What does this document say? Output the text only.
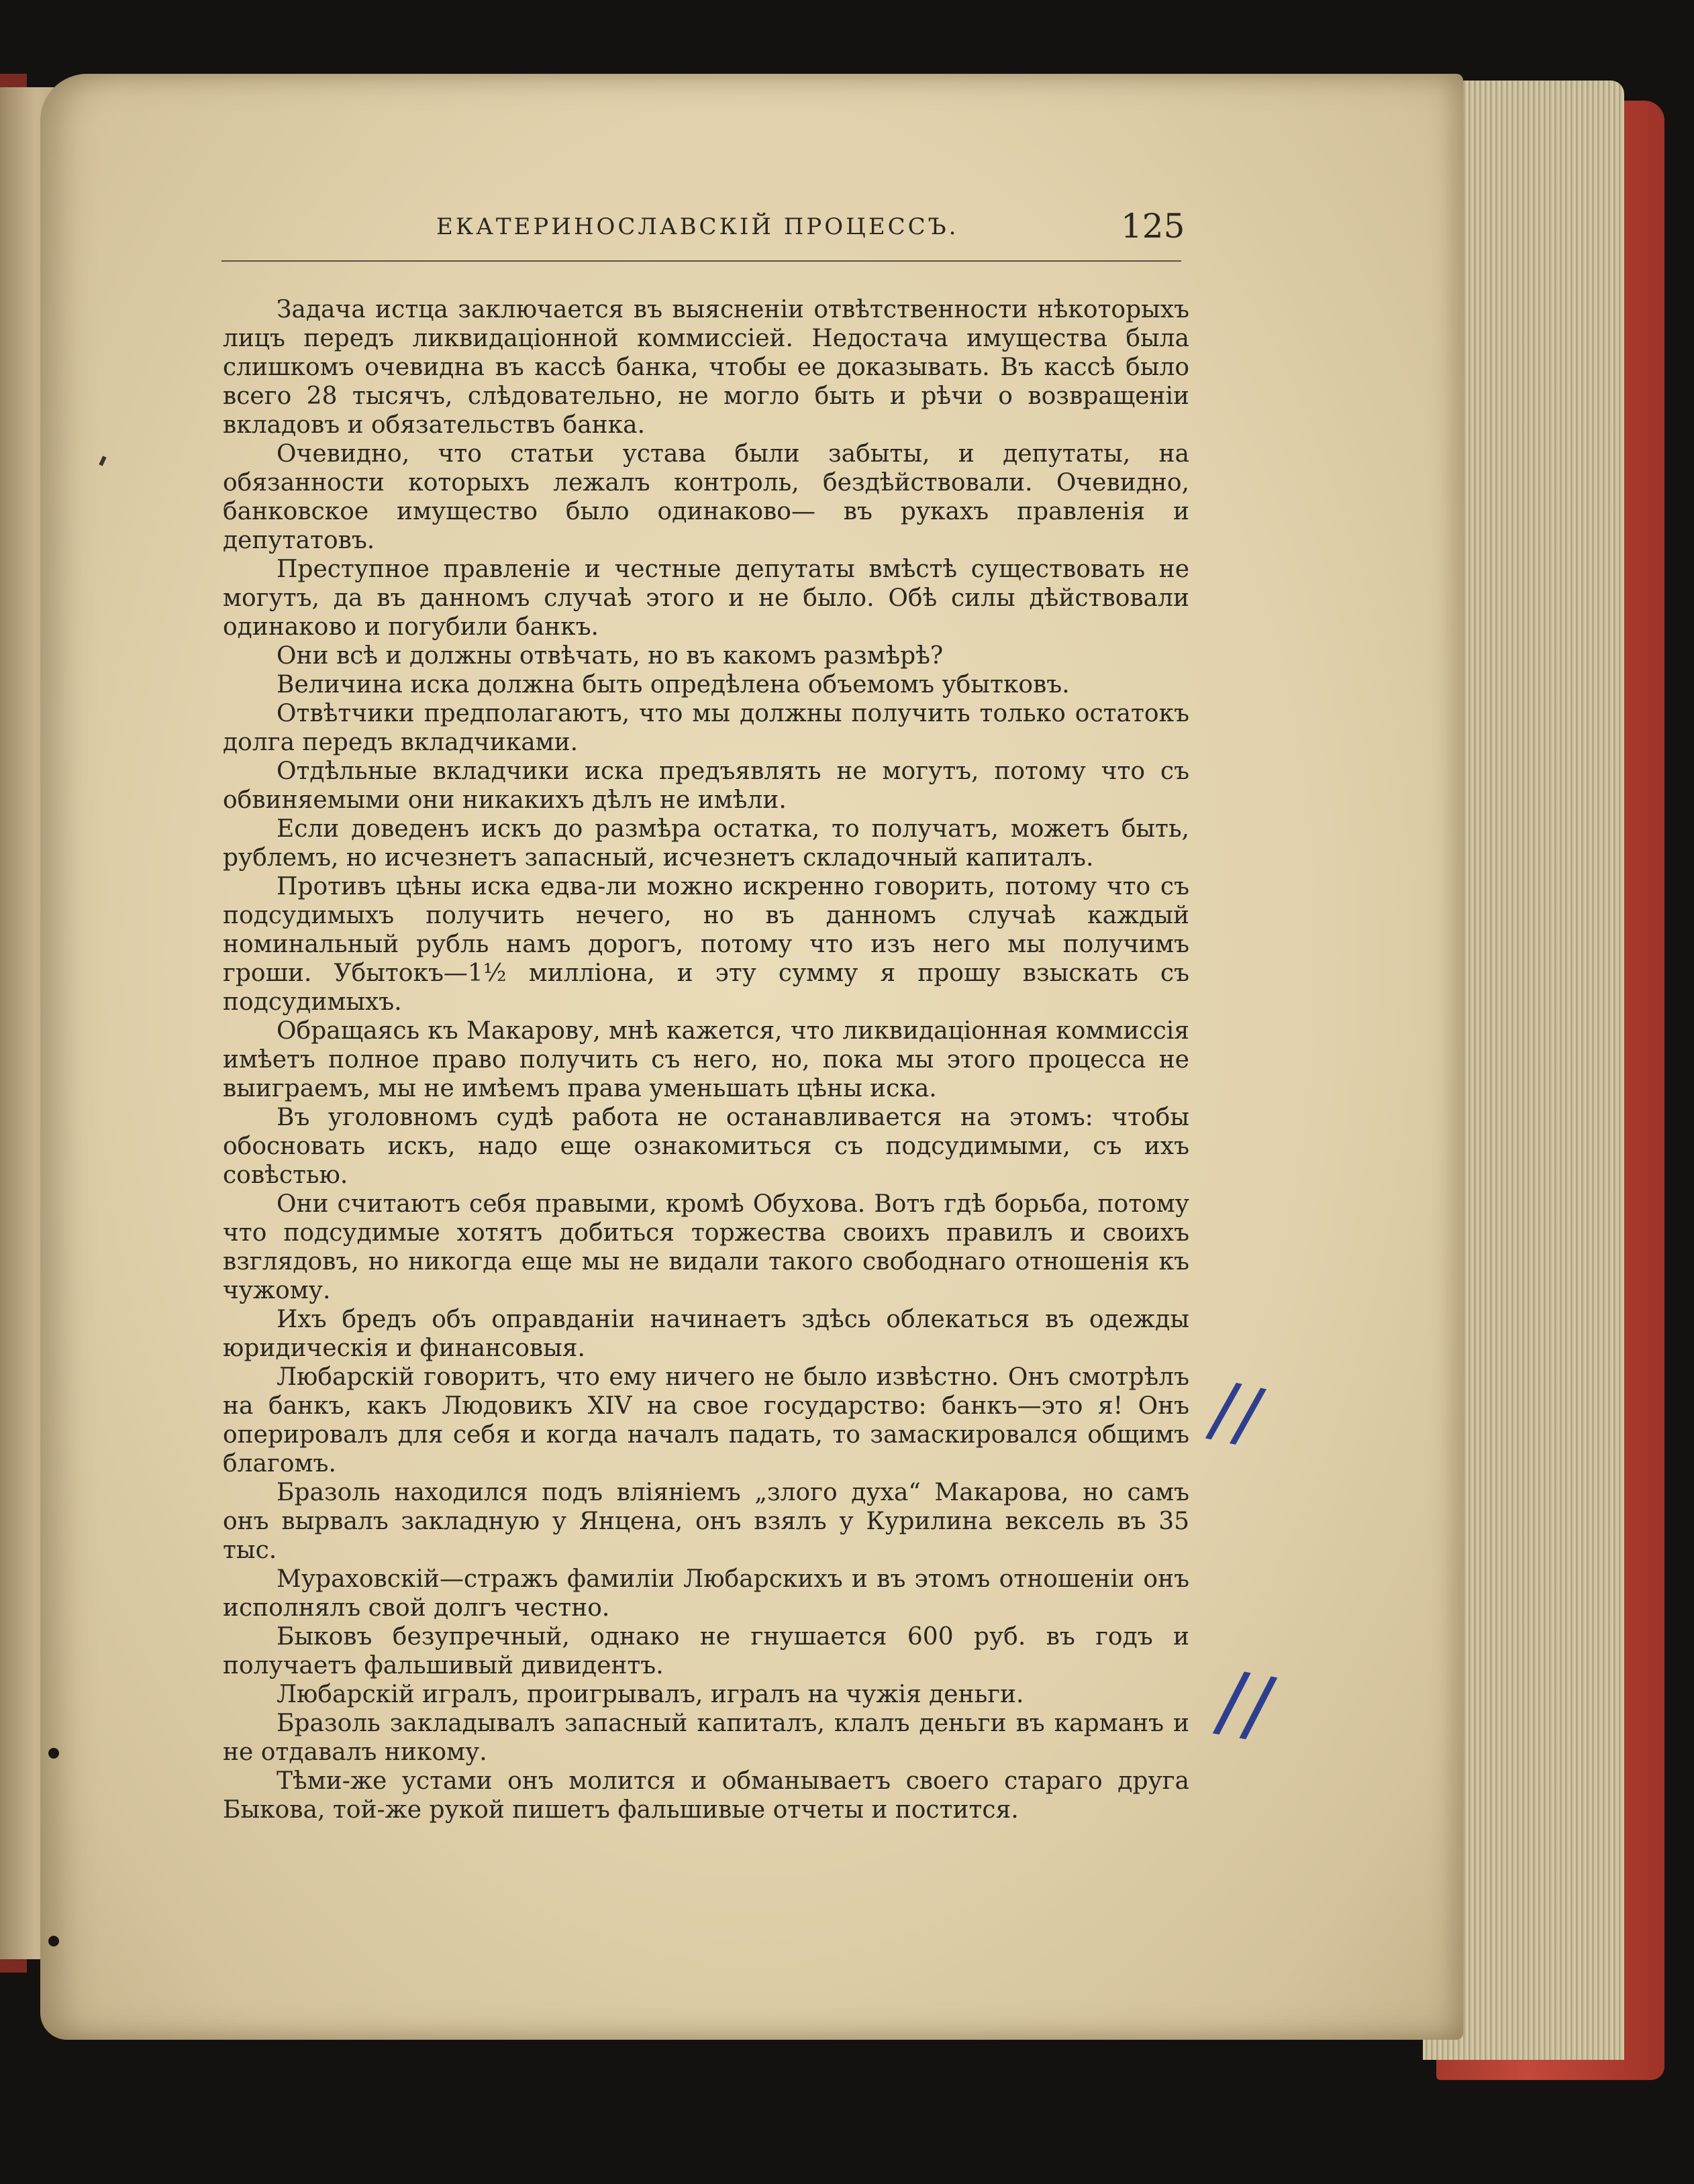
ЕКАТЕРИНОСЛАВСКІЙ ПРОЦЕССЪ.	125

Задача истца заключается въ выясненіи отвѣтственности нѣкоторыхъ лицъ передъ ликвидаціонной коммиссіей. Недостача имущества была слишкомъ очевидна въ кассѣ банка, чтобы ее доказывать. Въ кассѣ было всего 28 тысячъ, слѣдовательно, не могло быть и рѣчи о возвращеніи вкладовъ и обязательствъ банка.

Очевидно, что статьи устава были забыты, и депутаты, на обязанности которыхъ лежалъ контроль, бездѣйствовали. Очевидно, банковское имущество было одинаково— въ рукахъ правленія и депутатовъ.

Преступное правленіе и честные депутаты вмѣстѣ существовать не могутъ, да въ данномъ случаѣ этого и не было. Обѣ силы дѣйствовали одинаково и погубили банкъ.

Они всѣ и должны отвѣчать, но въ какомъ размѣрѣ?

Величина иска должна быть опредѣлена объемомъ убытковъ.

Отвѣтчики предполагаютъ, что мы должны получить только остатокъ долга передъ вкладчиками.

Отдѣльные вкладчики иска предъявлять не могутъ, потому что съ обвиняемыми они никакихъ дѣлъ не имѣли.

Если доведенъ искъ до размѣра остатка, то получатъ, можетъ быть, рублемъ, но исчезнетъ запасный, исчезнетъ складочный капиталъ.

Противъ цѣны иска едва-ли можно искренно говорить, потому что съ подсудимыхъ получить нечего, но въ данномъ случаѣ каждый номинальный рубль намъ дорогъ, потому что изъ него мы получимъ гроши. Убытокъ—1½ милліона, и эту сумму я прошу взыскать съ подсудимыхъ.

Обращаясь къ Макарову, мнѣ кажется, что ликвидаціонная коммиссія имѣетъ полное право получить съ него, но, пока мы этого процесса не выиграемъ, мы не имѣемъ права уменьшать цѣны иска.

Въ уголовномъ судѣ работа не останавливается на этомъ: чтобы обосновать искъ, надо еще ознакомиться съ подсудимыми, съ ихъ совѣстью.

Они считаютъ себя правыми, кромѣ Обухова. Вотъ гдѣ борьба, потому что подсудимые хотятъ добиться торжества своихъ правилъ и своихъ взглядовъ, но никогда еще мы не видали такого свободнаго отношенія къ чужому.

Ихъ бредъ объ оправданіи начинаетъ здѣсь облекаться въ одежды юридическія и финансовыя.

Любарскій говоритъ, что ему ничего не было извѣстно. Онъ смотрѣлъ на банкъ, какъ Людовикъ XIV на свое государство: банкъ—это я! Онъ оперировалъ для себя и когда началъ падать, то замаскировался общимъ благомъ.

Бразоль находился подъ вліяніемъ „злого духа“ Макарова, но самъ онъ вырвалъ закладную у Янцена, онъ взялъ у Курилина вексель въ 35 тыс.

Мураховскій—стражъ фамиліи Любарскихъ и въ этомъ отношеніи онъ исполнялъ свой долгъ честно.

Быковъ безупречный, однако не гнушается 600 руб. въ годъ и получаетъ фальшивый дивидентъ.

Любарскій игралъ, проигрывалъ, игралъ на чужія деньги.

Бразоль закладывалъ запасный капиталъ, клалъ деньги въ карманъ и не отдавалъ никому.

Тѣми-же устами онъ молится и обманываетъ своего стараго друга Быкова, той-же рукой пишетъ фальшивые отчеты и постится.

//
//
